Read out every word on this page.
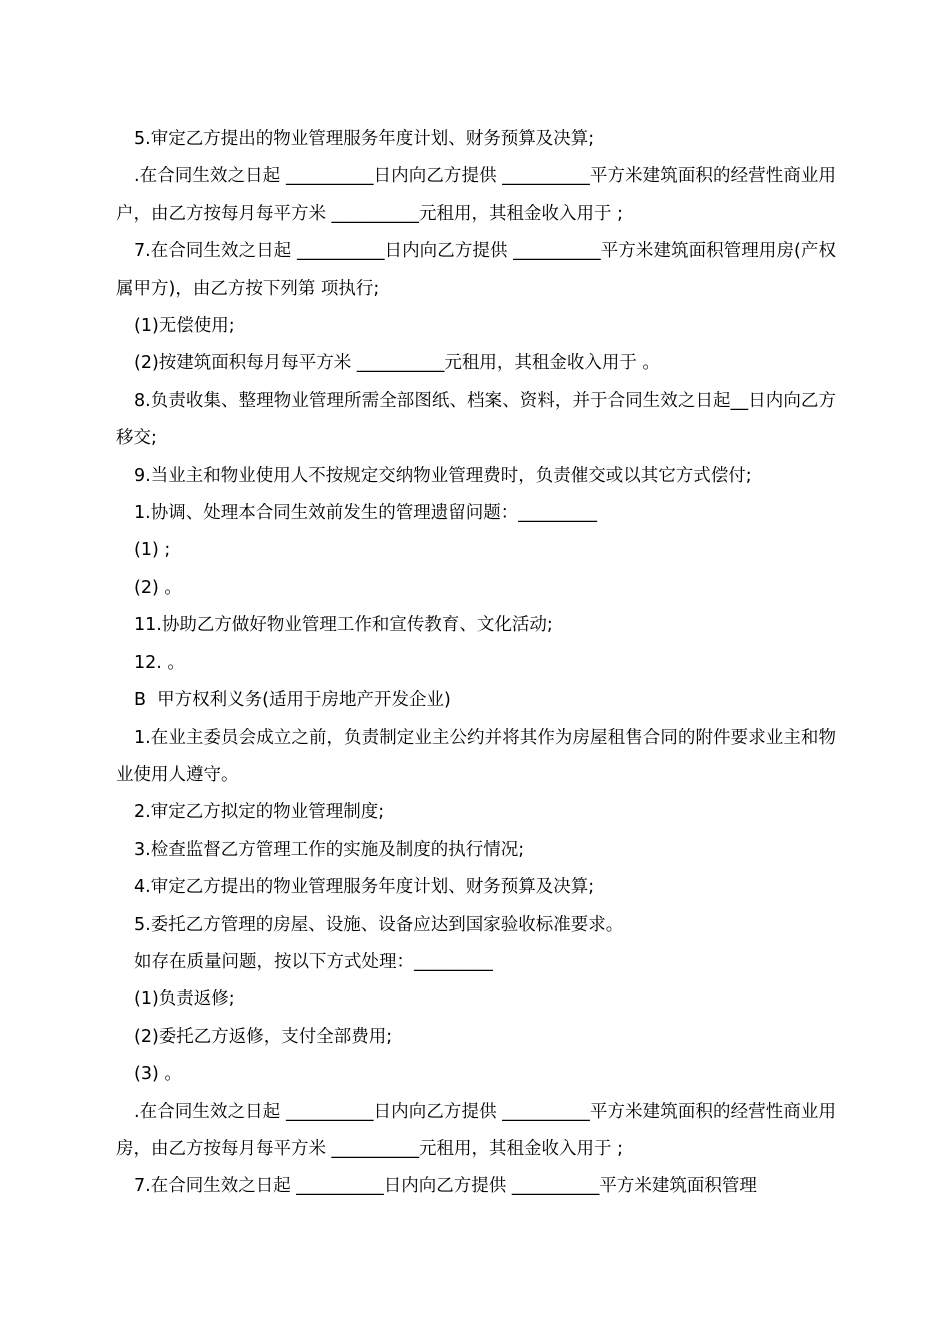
5.审定乙方提出的物业管理服务年度计划、财务预算及决算;

.在合同生效之日起 __________日内向乙方提供 __________平方米建筑面积的经营性商业用户，由乙方按每月每平方米 __________元租用，其租金收入用于 ;

7.在合同生效之日起 __________日内向乙方提供 __________平方米建筑面积管理用房(产权属甲方)，由乙方按下列第 项执行;

(1)无偿使用;

(2)按建筑面积每月每平方米 __________元租用，其租金收入用于 。

8.负责收集、整理物业管理所需全部图纸、档案、资料，并于合同生效之日起__日内向乙方移交;

9.当业主和物业使用人不按规定交纳物业管理费时，负责催交或以其它方式偿付;

1.协调、处理本合同生效前发生的管理遗留问题：_________

(1) ;

(2) 。

11.协助乙方做好物业管理工作和宣传教育、文化活动;

12. 。

B  甲方权利义务(适用于房地产开发企业)

1.在业主委员会成立之前，负责制定业主公约并将其作为房屋租售合同的附件要求业主和物业使用人遵守。

2.审定乙方拟定的物业管理制度;

3.检查监督乙方管理工作的实施及制度的执行情况;

4.审定乙方提出的物业管理服务年度计划、财务预算及决算;

5.委托乙方管理的房屋、设施、设备应达到国家验收标准要求。

如存在质量问题，按以下方式处理：_________

(1)负责返修;

(2)委托乙方返修，支付全部费用;

(3) 。

.在合同生效之日起 __________日内向乙方提供 __________平方米建筑面积的经营性商业用房，由乙方按每月每平方米 __________元租用，其租金收入用于 ;

7.在合同生效之日起 __________日内向乙方提供 __________平方米建筑面积管理
